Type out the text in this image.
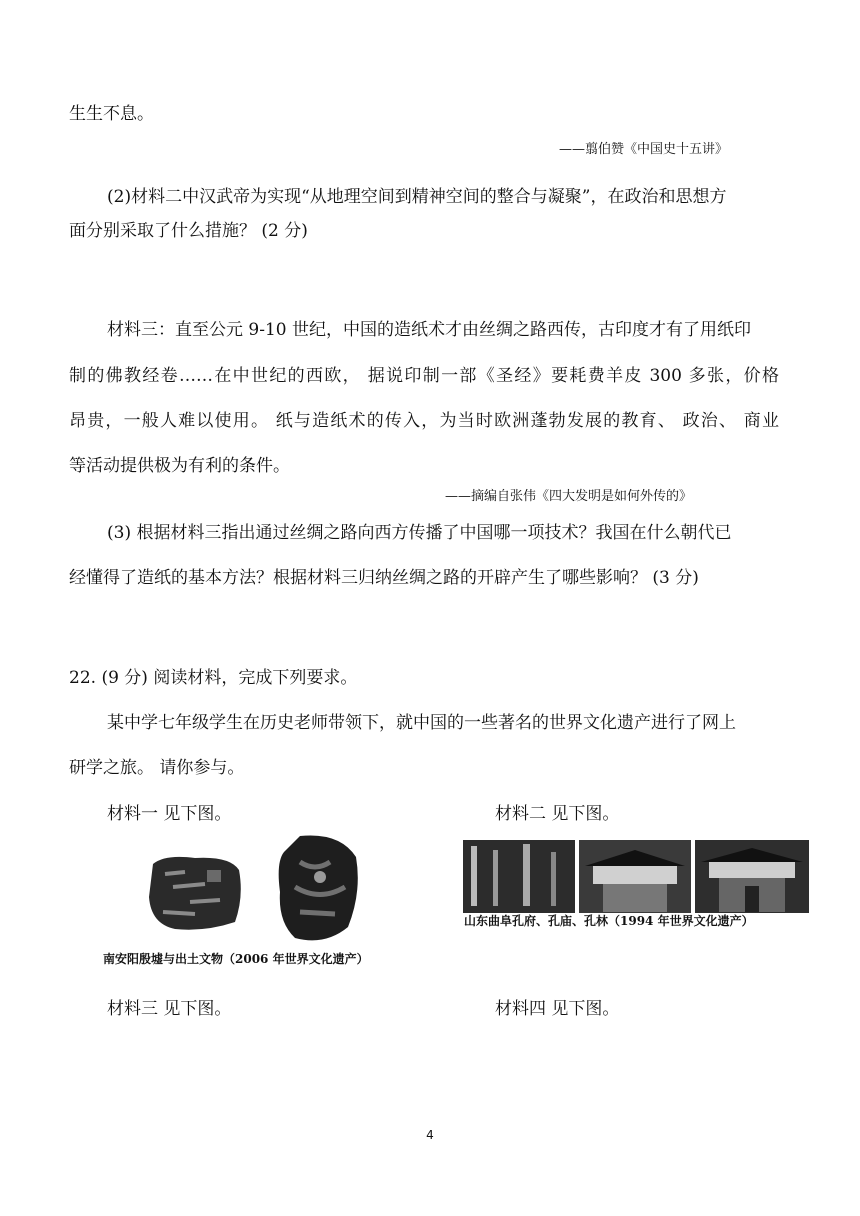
生生不息。
——翦伯赞《中国史十五讲》
(2)材料二中汉武帝为实现“从地理空间到精神空间的整合与凝聚”，在政治和思想方
面分别采取了什么措施？ (2 分)
材料三：直至公元 9-10 世纪，中国的造纸术才由丝绸之路西传，古印度才有了用纸印
制的佛教经卷……在中世纪的西欧， 据说印制一部《圣经》要耗费羊皮 300 多张，价格
昂贵，一般人难以使用。 纸与造纸术的传入，为当时欧洲蓬勃发展的教育、 政治、 商业
等活动提供极为有利的条件。
——摘编自张伟《四大发明是如何外传的》
(3) 根据材料三指出通过丝绸之路向西方传播了中国哪一项技术？我国在什么朝代已
经懂得了造纸的基本方法？根据材料三归纳丝绸之路的开辟产生了哪些影响？ (3 分)
22. (9 分) 阅读材料，完成下列要求。
某中学七年级学生在历史老师带领下，就中国的一些著名的世界文化遗产进行了网上
研学之旅。 请你参与。
材料一 见下图。	材料二 见下图。
南安阳殷墟与出土文物（2006 年世界文化遗产）
山东曲阜孔府、孔庙、孔林（1994 年世界文化遗产）
材料三 见下图。	材料四 见下图。
4
